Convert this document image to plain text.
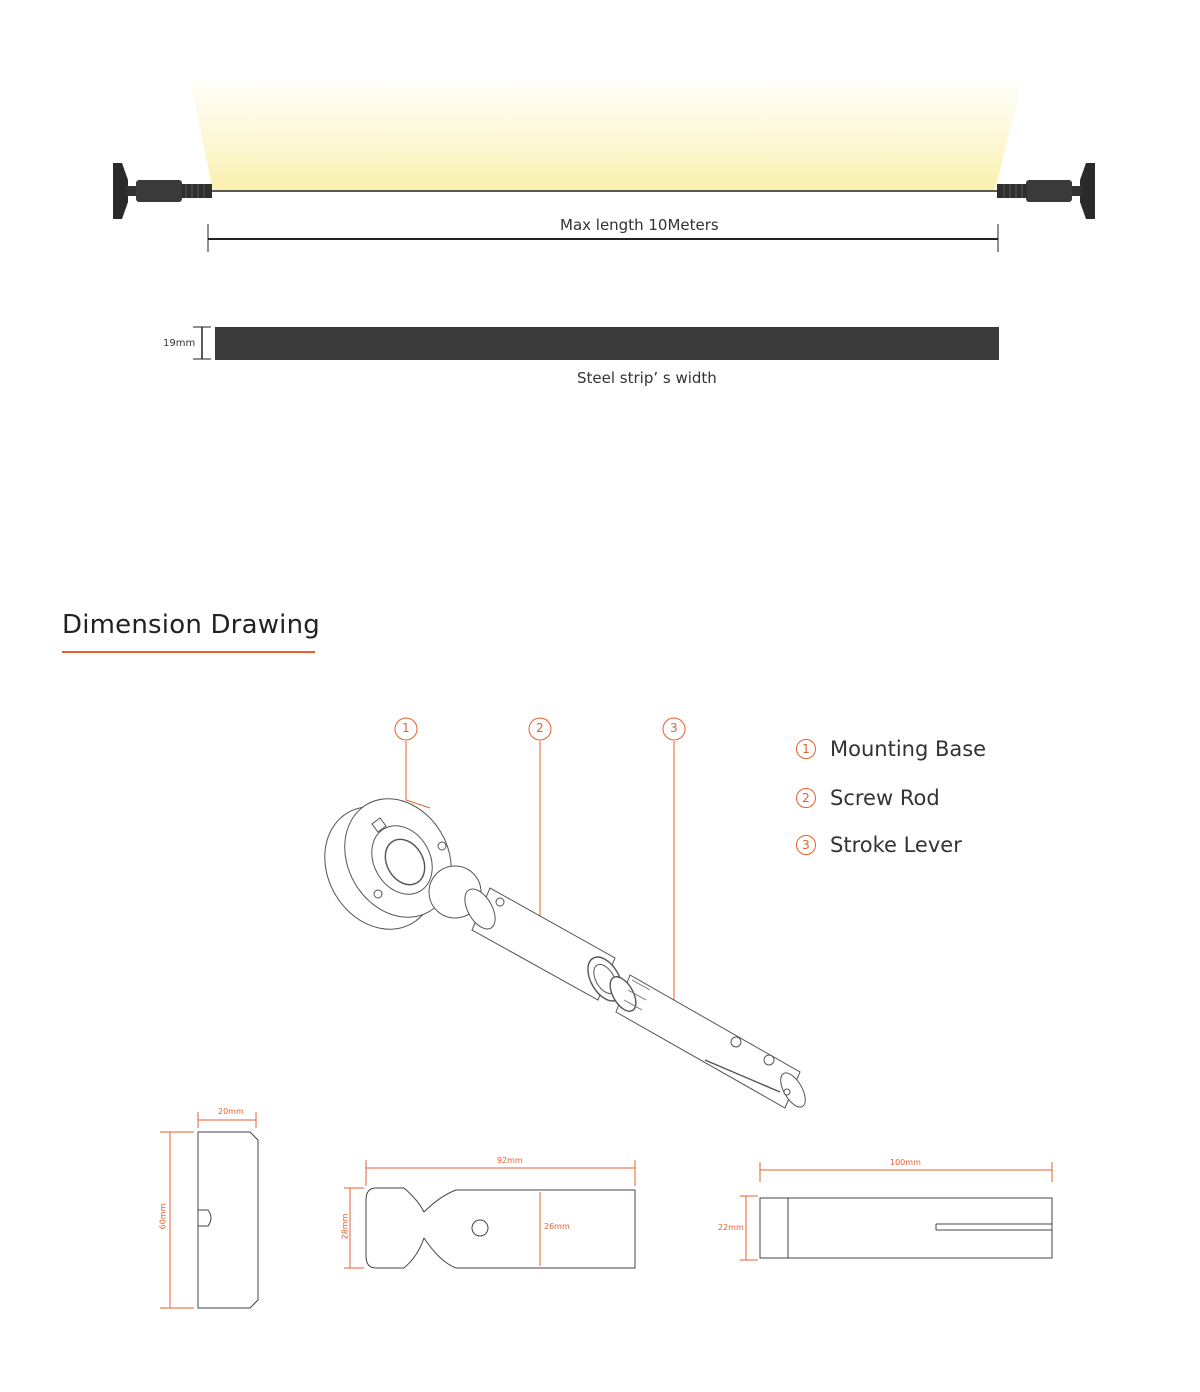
Max length 10Meters
19mm
Steel strip’ s width
Dimension Drawing
1	2	3
1 Mounting Base
2 Screw Rod
3 Stroke Lever
20mm
60mm
92mm
28mm	26mm
100mm
22mm
